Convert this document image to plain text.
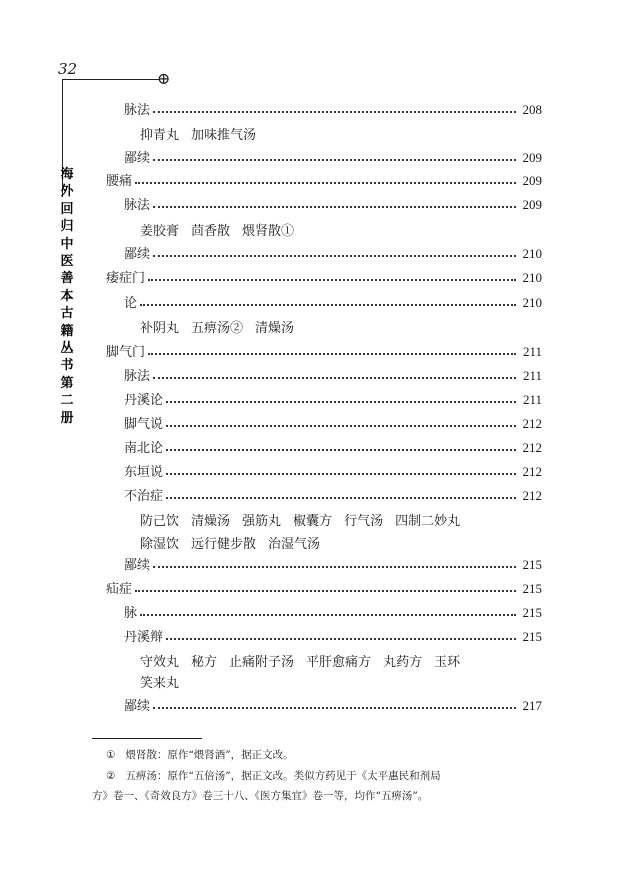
32	⊕
海
外
回
归
中
医
善
本
古
籍
丛
书
第
二
册
脉法	208
抑青丸 加味推气汤
鄙续	209
腰痛	209
脉法	209
姜胶膏 茴香散 煨肾散①
鄙续	210
痿症门	210
论	210
补阴丸 五痹汤② 清燥汤
脚气门	211
脉法	211
丹溪论	211
脚气说	212
南北论	212
东垣说	212
不治症	212
防己饮 清燥汤 强筋丸 椒囊方 行气汤 四制二妙丸
除湿饮 远行健步散 治湿气汤
鄙续	215
疝症	215
脉	215
丹溪辩	215
守效丸 秘方 止痛附子汤 平肝愈痛方 丸药方 玉环
笑来丸
鄙续	217
① 煨肾散：原作“煨肾酒”，据正文改。
② 五痹汤：原作“五倍汤”，据正文改。类似方药见于《太平惠民和剂局
方》卷一、《奇效良方》卷三十八、《医方集宜》卷一等，均作“五痹汤”。
